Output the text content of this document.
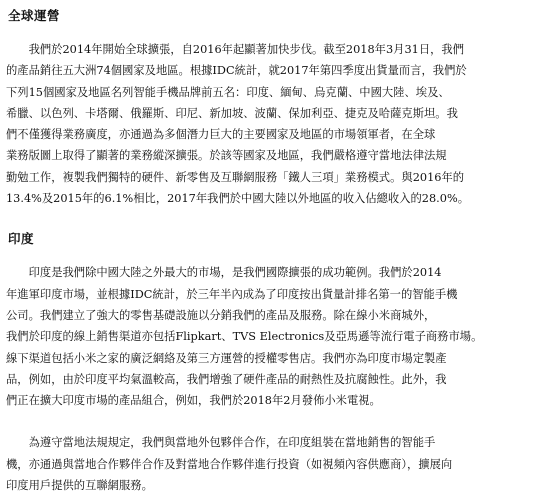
全球運營

　　我們於2014年開始全球擴張，自2016年起顯著加快步伐。截至2018年3月31日，我們
的產品銷往五大洲74個國家及地區。根據IDC統計，就2017年第四季度出貨量而言，我們於
下列15個國家及地區名列智能手機品牌前五名：印度、緬甸、烏克蘭、中國大陸、埃及、
希臘、以色列、卡塔爾、俄羅斯、印尼、新加坡、波蘭、保加利亞、捷克及哈薩克斯坦。我
們不僅獲得業務廣度，亦通過為多個潛力巨大的主要國家及地區的市場領軍者，在全球
業務版圖上取得了顯著的業務縱深擴張。於該等國家及地區，我們嚴格遵守當地法律法規
勤勉工作，複製我們獨特的硬件、新零售及互聯網服務「鐵人三項」業務模式。與2016年的
13.4%及2015年的6.1%相比，2017年我們於中國大陸以外地區的收入佔總收入的28.0%。

印度

　　印度是我們除中國大陸之外最大的市場，是我們國際擴張的成功範例。我們於2014
年進軍印度市場，並根據IDC統計，於三年半內成為了印度按出貨量計排名第一的智能手機
公司。我們建立了強大的零售基礎設施以分銷我們的產品及服務。除在線小米商城外，
我們於印度的線上銷售渠道亦包括Flipkart、TVS Electronics及亞馬遜等流行電子商務市場。
線下渠道包括小米之家的廣泛網絡及第三方運營的授權零售店。我們亦為印度市場定製產
品，例如，由於印度平均氣溫較高，我們增強了硬件產品的耐熱性及抗腐蝕性。此外，我
們正在擴大印度市場的產品組合，例如，我們於2018年2月發佈小米電視。

　　為遵守當地法規規定，我們與當地外包夥伴合作，在印度組裝在當地銷售的智能手
機，亦通過與當地合作夥伴合作及對當地合作夥伴進行投資（如視頻內容供應商），擴展向
印度用戶提供的互聯網服務。
